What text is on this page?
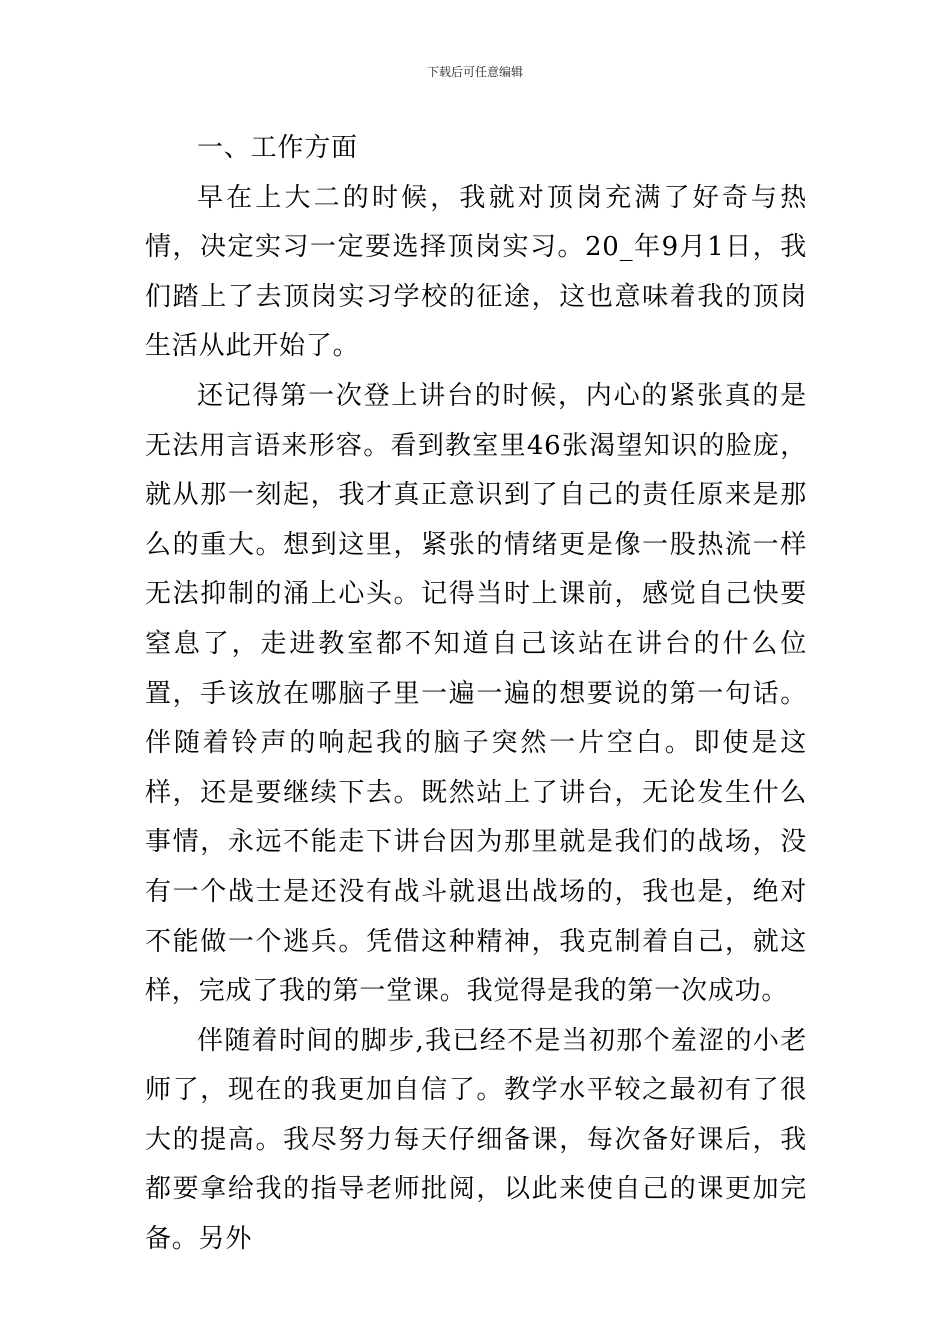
下载后可任意编辑

一、工作方面

早在上大二的时候，我就对顶岗充满了好奇与热情，决定实习一定要选择顶岗实习。20_年9月1日，我们踏上了去顶岗实习学校的征途，这也意味着我的顶岗生活从此开始了。

还记得第一次登上讲台的时候，内心的紧张真的是无法用言语来形容。看到教室里46张渴望知识的脸庞，就从那一刻起，我才真正意识到了自己的责任原来是那么的重大。想到这里，紧张的情绪更是像一股热流一样无法抑制的涌上心头。记得当时上课前，感觉自己快要窒息了，走进教室都不知道自己该站在讲台的什么位置，手该放在哪脑子里一遍一遍的想要说的第一句话。伴随着铃声的响起我的脑子突然一片空白。即使是这样，还是要继续下去。既然站上了讲台，无论发生什么事情，永远不能走下讲台因为那里就是我们的战场，没有一个战士是还没有战斗就退出战场的，我也是，绝对不能做一个逃兵。凭借这种精神，我克制着自己，就这样，完成了我的第一堂课。我觉得是我的第一次成功。

伴随着时间的脚步,我已经不是当初那个羞涩的小老师了，现在的我更加自信了。教学水平较之最初有了很大的提高。我尽努力每天仔细备课，每次备好课后，我都要拿给我的指导老师批阅，以此来使自己的课更加完备。另外
